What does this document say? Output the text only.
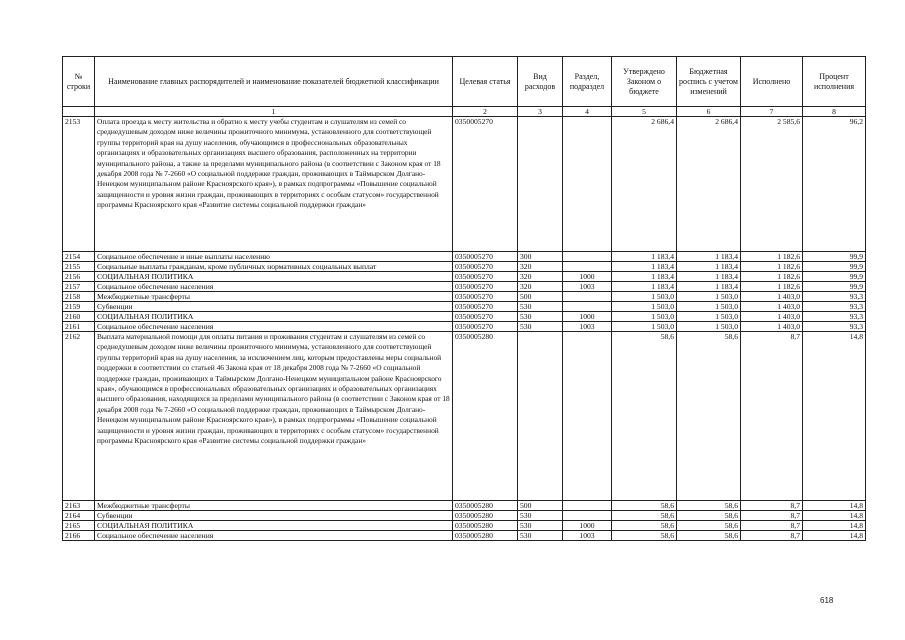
№ строки	Наименование главных распорядителей и наименование показателей бюджетной классификации	Целевая статья	Вид расходов	Раздел, подраздел	Утверждено Законом о бюджете	Бюджетная роспись с учетом изменений	Исполнено	Процент исполнения
	1	2	3	4	5	6	7	8
2153	Оплата проезда к месту жительства и обратно к месту учебы студентам и слушателям из семей со среднедушевым доходом ниже величины прожиточного минимума, установленного для соответствующей группы территорий края на душу населения, обучающимся в профессиональных образовательных организациях и образовательных организациях высшего образования, расположенных на территории муниципального района, а также за пределами муниципального района (в соответствии с Законом края от 18 декабря 2008 года № 7-2660 «О социальной поддержке граждан, проживающих в Таймырском Долгано-Ненецком муниципальном районе Красноярского края»), в рамках подпрограммы «Повышение социальной защищенности и уровня жизни граждан, проживающих в территориях с особым статусом» государственной программы Красноярского края «Развитие системы социальной поддержки граждан»	0350005270			2 686,4	2 686,4	2 585,6	96,2
2154	Социальное обеспечение и иные выплаты населению	0350005270	300		1 183,4	1 183,4	1 182,6	99,9
2155	Социальные выплаты гражданам, кроме публичных нормативных социальных выплат	0350005270	320		1 183,4	1 183,4	1 182,6	99,9
2156	СОЦИАЛЬНАЯ ПОЛИТИКА	0350005270	320	1000	1 183,4	1 183,4	1 182,6	99,9
2157	Социальное обеспечение населения	0350005270	320	1003	1 183,4	1 183,4	1 182,6	99,9
2158	Межбюджетные трансферты	0350005270	500		1 503,0	1 503,0	1 403,0	93,3
2159	Субвенции	0350005270	530		1 503,0	1 503,0	1 403,0	93,3
2160	СОЦИАЛЬНАЯ ПОЛИТИКА	0350005270	530	1000	1 503,0	1 503,0	1 403,0	93,3
2161	Социальное обеспечение населения	0350005270	530	1003	1 503,0	1 503,0	1 403,0	93,3
2162	Выплата материальной помощи для оплаты питания и проживания студентам и слушателям из семей со среднедушевым доходом ниже величины прожиточного минимума, установленного для соответствующей группы территорий края на душу населения, за исключением лиц, которым предоставлены меры социальной поддержки в соответствии со статьей 46 Закона края от 18 декабря 2008 года № 7-2660 «О социальной поддержке граждан, проживающих в Таймырском Долгано-Ненецком муниципальном районе Красноярского края», обучающимся в профессиональных образовательных организациях и образовательных организациях высшего образования, находящихся за пределами муниципального района (в соответствии с Законом края от 18 декабря 2008 года № 7-2660 «О социальной поддержке граждан, проживающих в Таймырском Долгано-Ненецком муниципальном районе Красноярского края»), в рамках подпрограммы «Повышение социальной защищенности и уровня жизни граждан, проживающих в территориях с особым статусом» государственной программы Красноярского края «Развитие системы социальной поддержки граждан»	0350005280			58,6	58,6	8,7	14,8
2163	Межбюджетные трансферты	0350005280	500		58,6	58,6	8,7	14,8
2164	Субвенции	0350005280	530		58,6	58,6	8,7	14,8
2165	СОЦИАЛЬНАЯ ПОЛИТИКА	0350005280	530	1000	58,6	58,6	8,7	14,8
2166	Социальное обеспечение населения	0350005280	530	1003	58,6	58,6	8,7	14,8
618
